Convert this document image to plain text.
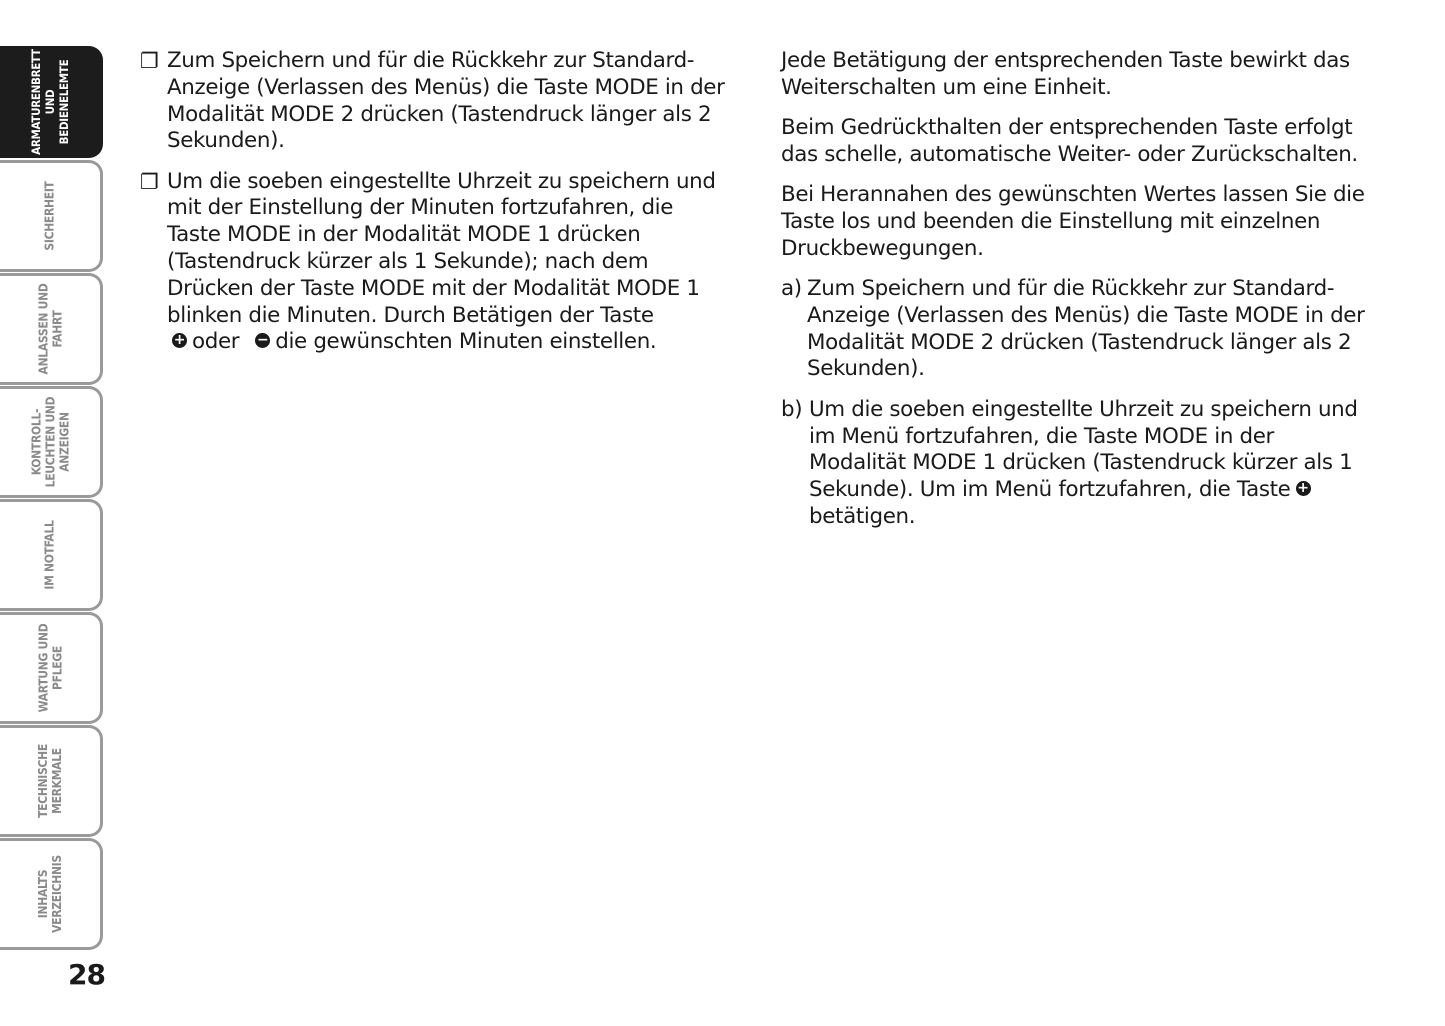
ARMATURENBRETT
UND
BEDIENELEMTE
SICHERHEIT
ANLASSEN UND
FAHRT
KONTROLL-
LEUCHTEN UND
ANZEIGEN
IM NOTFALL
WARTUNG UND
PFLEGE
TECHNISCHE
MERKMALE
INHALTS
VERZEICHNIS
28

❐ Zum Speichern und für die Rückkehr zur Standard-Anzeige (Verlassen des Menüs) die Taste MODE in der Modalität MODE 2 drücken (Tastendruck länger als 2 Sekunden).

❐ Um die soeben eingestellte Uhrzeit zu speichern und mit der Einstellung der Minuten fortzufahren, die Taste MODE in der Modalität MODE 1 drücken (Tastendruck kürzer als 1 Sekunde); nach dem Drücken der Taste MODE mit der Modalität MODE 1 blinken die Minuten. Durch Betätigen der Taste
+ oder − die gewünschten Minuten einstellen.

Jede Betätigung der entsprechenden Taste bewirkt das Weiterschalten um eine Einheit.

Beim Gedrückthalten der entsprechenden Taste erfolgt das schelle, automatische Weiter- oder Zurückschalten.

Bei Herannahen des gewünschten Wertes lassen Sie die Taste los und beenden die Einstellung mit einzelnen Druckbewegungen.

a) Zum Speichern und für die Rückkehr zur Standard-Anzeige (Verlassen des Menüs) die Taste MODE in der Modalität MODE 2 drücken (Tastendruck länger als 2 Sekunden).

b) Um die soeben eingestellte Uhrzeit zu speichern und im Menü fortzufahren, die Taste MODE in der Modalität MODE 1 drücken (Tastendruck kürzer als 1 Sekunde). Um im Menü fortzufahren, die Taste +
betätigen.
